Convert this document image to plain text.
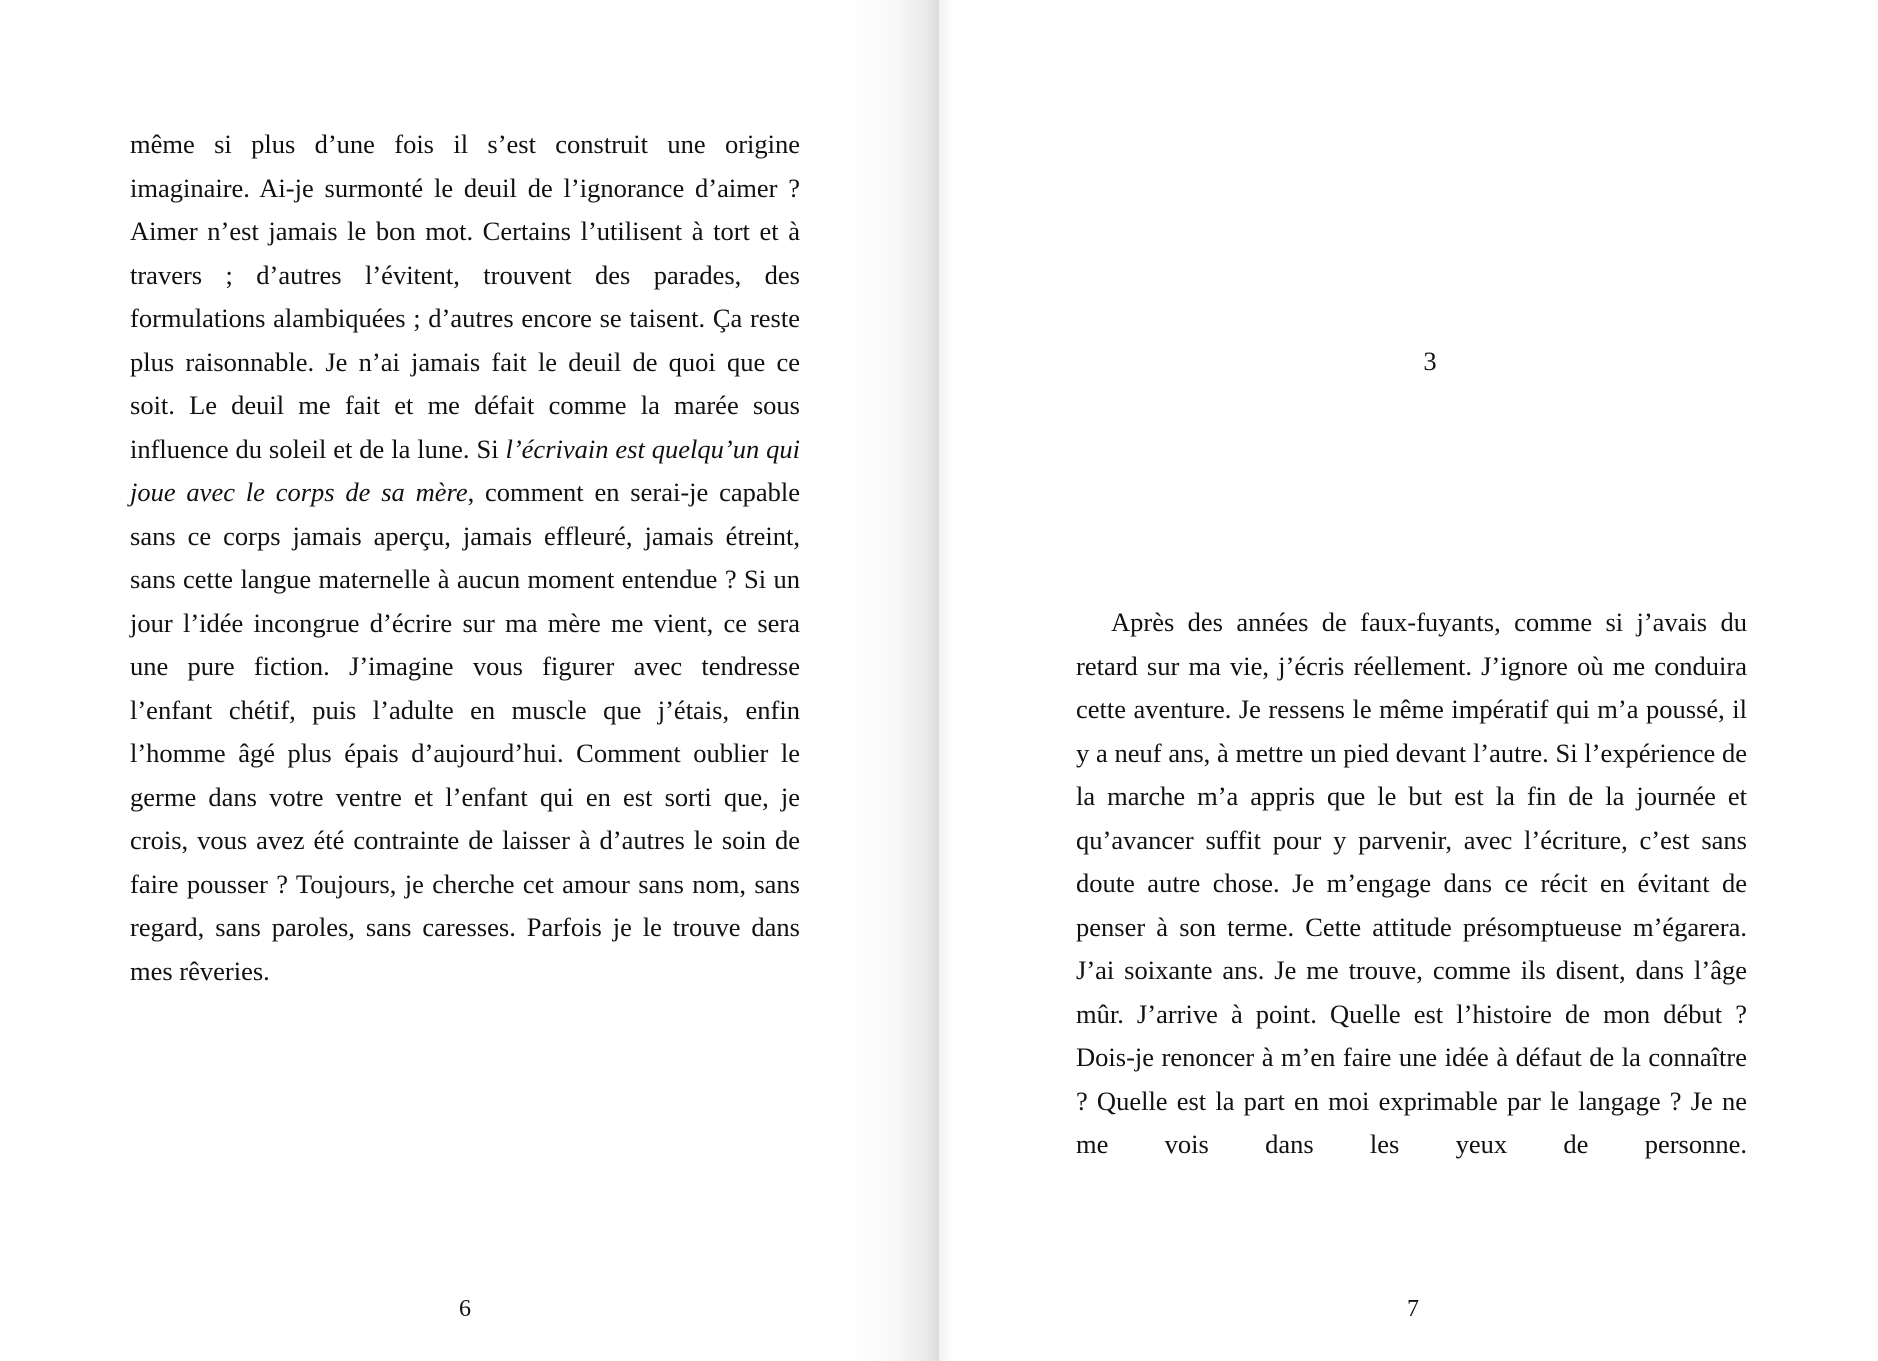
même si plus d’une fois il s’est construit une origine imaginaire. Ai-je surmonté le deuil de l’ignorance d’aimer ? Aimer n’est jamais le bon mot. Certains l’utilisent à tort et à travers ; d’autres l’évitent, trouvent des parades, des formulations alambiquées ; d’autres encore se taisent. Ça reste plus raisonnable. Je n’ai jamais fait le deuil de quoi que ce soit. Le deuil me fait et me défait comme la marée sous influence du soleil et de la lune. Si l’écrivain est quelqu’un qui joue avec le corps de sa mère, comment en serai-je capable sans ce corps jamais aperçu, jamais effleuré, jamais étreint, sans cette langue maternelle à aucun moment entendue ? Si un jour l’idée incongrue d’écrire sur ma mère me vient, ce sera une pure fiction. J’imagine vous figurer avec tendresse l’enfant chétif, puis l’adulte en muscle que j’étais, enfin l’homme âgé plus épais d’aujourd’hui. Comment oublier le germe dans votre ventre et l’enfant qui en est sorti que, je crois, vous avez été contrainte de laisser à d’autres le soin de faire pousser ? Toujours, je cherche cet amour sans nom, sans regard, sans paroles, sans caresses. Parfois je le trouve dans mes rêveries.

6
3

Après des années de faux-fuyants, comme si j’avais du retard sur ma vie, j’écris réellement. J’ignore où me conduira cette aventure. Je ressens le même impératif qui m’a poussé, il y a neuf ans, à mettre un pied devant l’autre. Si l’expérience de la marche m’a appris que le but est la fin de la journée et qu’avancer suffit pour y parvenir, avec l’écriture, c’est sans doute autre chose. Je m’engage dans ce récit en évitant de penser à son terme. Cette attitude présomptueuse m’égarera. J’ai soixante ans. Je me trouve, comme ils disent, dans l’âge mûr. J’arrive à point. Quelle est l’histoire de mon début ? Dois-je renoncer à m’en faire une idée à défaut de la connaître ? Quelle est la part en moi exprimable par le langage ? Je ne me vois dans les yeux de personne.

7
